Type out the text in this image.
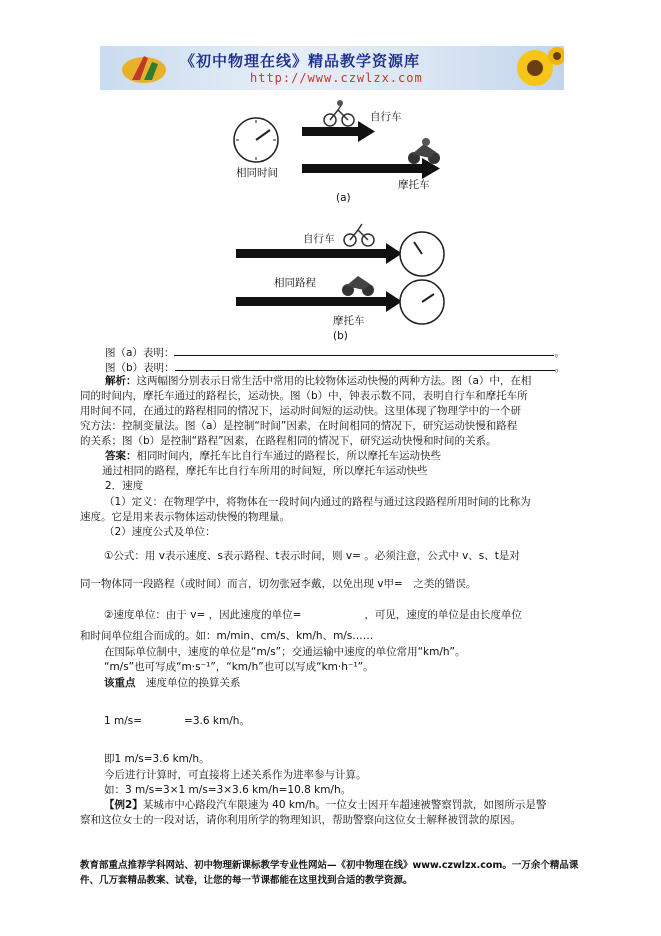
《初中物理在线》精品教学资源库
http://www.czwlzx.com
自行车
摩托车
相同时间
(a)
自行车
相同路程
摩托车
(b)
图（a）表明：	。
图（b）表明：	。
解析：这两幅图分别表示日常生活中常用的比较物体运动快慢的两种方法。图（a）中，在相
同的时间内，摩托车通过的路程长，运动快。图（b）中，钟表示数不同，表明自行车和摩托车所
用时间不同，在通过的路程相同的情况下，运动时间短的运动快。这里体现了物理学中的一个研
究方法：控制变量法。图（a）是控制“时间”因素，在时间相同的情况下，研究运动快慢和路程
的关系；图（b）是控制“路程”因素，在路程相同的情况下，研究运动快慢和时间的关系。
答案：相同时间内，摩托车比自行车通过的路程长，所以摩托车运动快些
通过相同的路程，摩托车比自行车所用的时间短，所以摩托车运动快些
2．速度
（1）定义：在物理学中，将物体在一段时间内通过的路程与通过这段路程所用时间的比称为
速度。它是用来表示物体运动快慢的物理量。
（2）速度公式及单位：
①公式：用 v表示速度、s表示路程、t表示时间，则 v= 。必须注意，公式中 v、s、t是对
同一物体同一段路程（或时间）而言，切勿张冠李戴，以免出现 v甲=　之类的错误。
②速度单位：由于 v= ，因此速度的单位=　　　　　　，可见，速度的单位是由长度单位
和时间单位组合而成的。如：m/min、cm/s、km/h、m/s……
在国际单位制中，速度的单位是“m/s”；交通运输中速度的单位常用“km/h”。
“m/s”也可写成“m·s⁻¹”，“km/h”也可以写成“km·h⁻¹”。
该重点　 速度单位的换算关系
1 m/s=　　　　=3.6 km/h。
即1 m/s=3.6 km/h。
今后进行计算时，可直接将上述关系作为进率参与计算。
如：3 m/s=3×1 m/s=3×3.6 km/h=10.8 km/h。
【例2】某城市中心路段汽车限速为 40 km/h。一位女士因开车超速被警察罚款，如图所示是警
察和这位女士的一段对话，请你利用所学的物理知识，帮助警察向这位女士解释被罚款的原因。
教育部重点推荐学科网站、初中物理新课标教学专业性网站—《初中物理在线》www.czwlzx.com。一万余个精品课
件、几万套精品教案、试卷，让您的每一节课都能在这里找到合适的教学资源。
